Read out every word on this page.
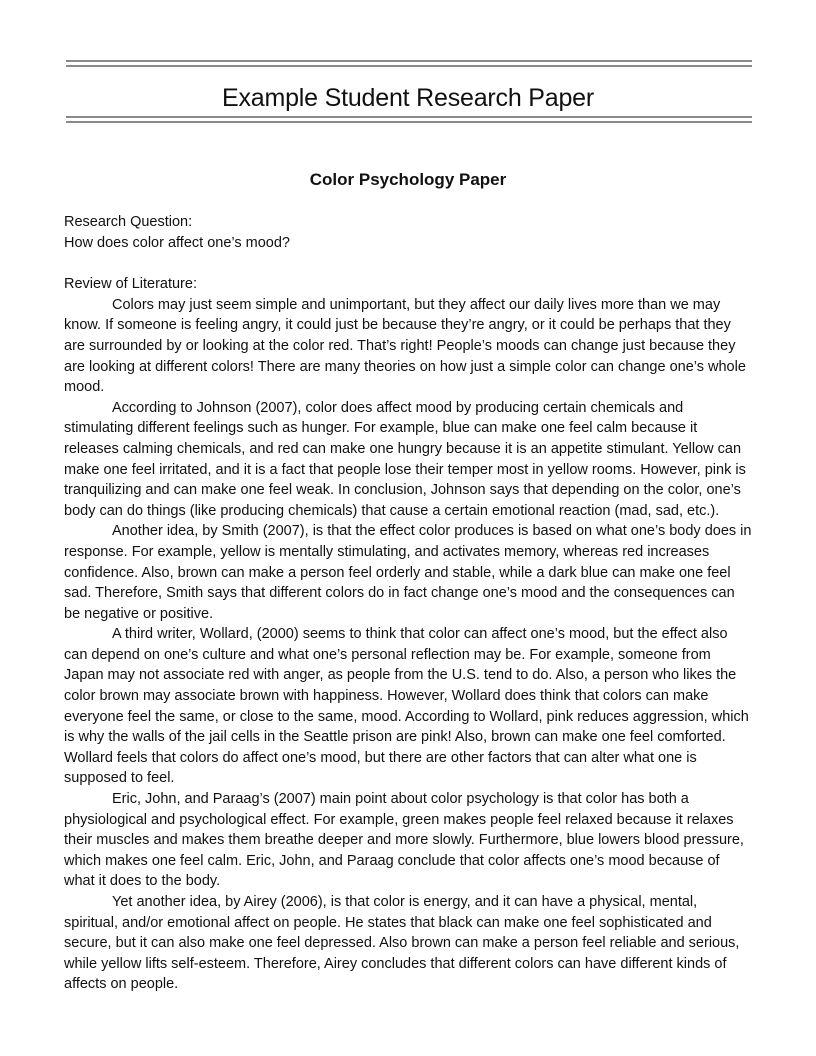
Example Student Research Paper
Color Psychology Paper

Research Question:

How does color affect one’s mood?

Review of Literature:

Colors may just seem simple and unimportant, but they affect our daily lives more than we may know. If someone is feeling angry, it could just be because they’re angry, or it could be perhaps that they are surrounded by or looking at the color red. That’s right! People’s moods can change just because they are looking at different colors! There are many theories on how just a simple color can change one’s whole mood.

According to Johnson (2007), color does affect mood by producing certain chemicals and stimulating different feelings such as hunger. For example, blue can make one feel calm because it releases calming chemicals, and red can make one hungry because it is an appetite stimulant. Yellow can make one feel irritated, and it is a fact that people lose their temper most in yellow rooms. However, pink is tranquilizing and can make one feel weak. In conclusion, Johnson says that depending on the color, one’s body can do things (like producing chemicals) that cause a certain emotional reaction (mad, sad, etc.).

Another idea, by Smith (2007), is that the effect color produces is based on what one’s body does in response. For example, yellow is mentally stimulating, and activates memory, whereas red increases confidence. Also, brown can make a person feel orderly and stable, while a dark blue can make one feel sad. Therefore, Smith says that different colors do in fact change one’s mood and the consequences can be negative or positive.

A third writer, Wollard, (2000) seems to think that color can affect one’s mood, but the effect also can depend on one’s culture and what one’s personal reflection may be. For example, someone from Japan may not associate red with anger, as people from the U.S. tend to do. Also, a person who likes the color brown may associate brown with happiness. However, Wollard does think that colors can make everyone feel the same, or close to the same, mood. According to Wollard, pink reduces aggression, which is why the walls of the jail cells in the Seattle prison are pink! Also, brown can make one feel comforted. Wollard feels that colors do affect one’s mood, but there are other factors that can alter what one is supposed to feel.

Eric, John, and Paraag’s (2007) main point about color psychology is that color has both a physiological and psychological effect. For example, green makes people feel relaxed because it relaxes their muscles and makes them breathe deeper and more slowly. Furthermore, blue lowers blood pressure, which makes one feel calm. Eric, John, and Paraag conclude that color affects one’s mood because of what it does to the body.

Yet another idea, by Airey (2006), is that color is energy, and it can have a physical, mental, spiritual, and/or emotional affect on people. He states that black can make one feel sophisticated and secure, but it can also make one feel depressed. Also brown can make a person feel reliable and serious, while yellow lifts self-esteem. Therefore, Airey concludes that different colors can have different kinds of affects on people.
